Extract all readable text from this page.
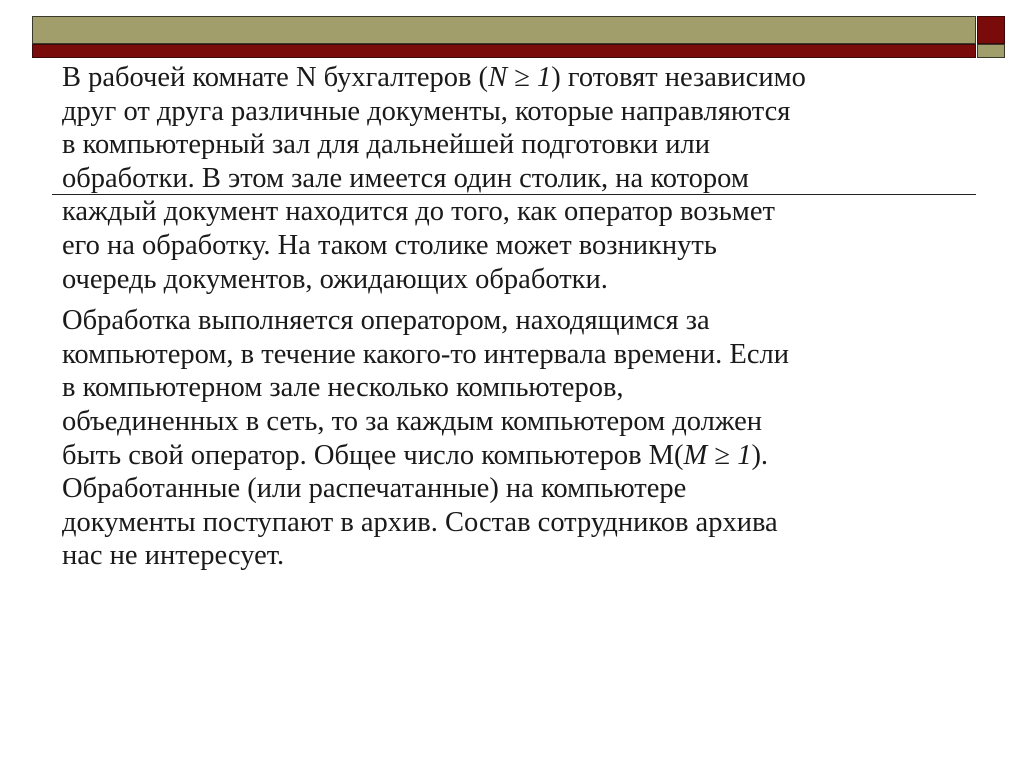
В рабочей комнате N бухгалтеров (N ≥ 1) готовят независимо
друг от друга различные документы, которые направляются
в компьютерный зал для дальнейшей подготовки или
обработки. В этом зале имеется один столик, на котором
каждый документ находится до того, как оператор возьмет
его на обработку. На таком столике может возникнуть
очередь документов, ожидающих обработки.

Обработка выполняется оператором, находящимся за
компьютером, в течение какого-то интервала времени. Если
в компьютерном зале несколько компьютеров,
объединенных в сеть, то за каждым компьютером должен
быть свой оператор. Общее число компьютеров М(M ≥ 1).
Обработанные (или распечатанные) на компьютере
документы поступают в архив. Состав сотрудников архива
нас не интересует.
